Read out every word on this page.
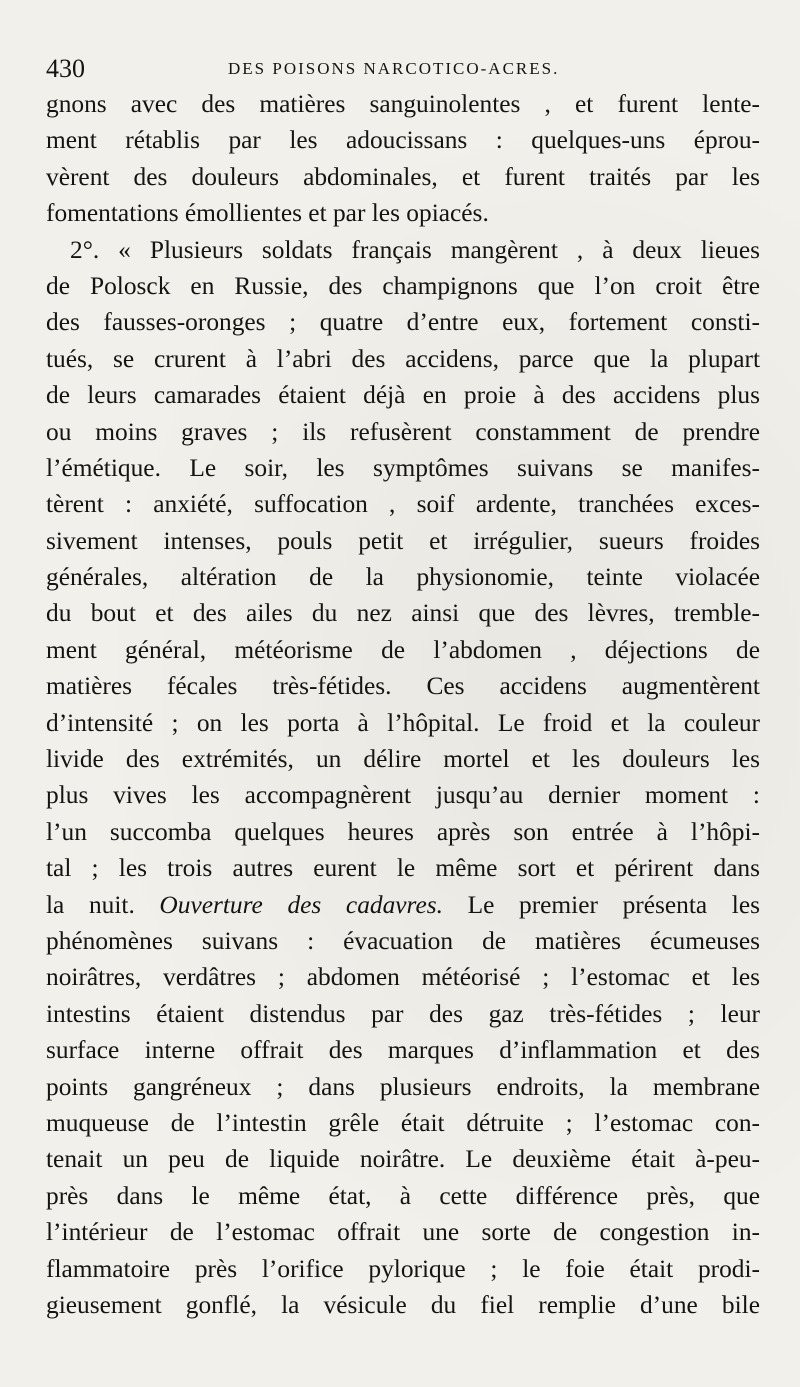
430	DES POISONS NARCOTICO-ACRES.
gnons avec des matières sanguinolentes , et furent lente-
ment rétablis par les adoucissans : quelques-uns éprou-
vèrent des douleurs abdominales, et furent traités par les
fomentations émollientes et par les opiacés.
2°. « Plusieurs soldats français mangèrent , à deux lieues
de Polosck en Russie, des champignons que l’on croit être
des fausses-oronges ; quatre d’entre eux, fortement consti-
tués, se crurent à l’abri des accidens, parce que la plupart
de leurs camarades étaient déjà en proie à des accidens plus
ou moins graves ; ils refusèrent constamment de prendre
l’émétique. Le soir, les symptômes suivans se manifes-
tèrent : anxiété, suffocation , soif ardente, tranchées exces-
sivement intenses, pouls petit et irrégulier, sueurs froides
générales, altération de la physionomie, teinte violacée
du bout et des ailes du nez ainsi que des lèvres, tremble-
ment général, météorisme de l’abdomen , déjections de
matières fécales très-fétides. Ces accidens augmentèrent
d’intensité ; on les porta à l’hôpital. Le froid et la couleur
livide des extrémités, un délire mortel et les douleurs les
plus vives les accompagnèrent jusqu’au dernier moment :
l’un succomba quelques heures après son entrée à l’hôpi-
tal ; les trois autres eurent le même sort et périrent dans
la nuit. Ouverture des cadavres. Le premier présenta les
phénomènes suivans : évacuation de matières écumeuses
noirâtres, verdâtres ; abdomen météorisé ; l’estomac et les
intestins étaient distendus par des gaz très-fétides ; leur
surface interne offrait des marques d’inflammation et des
points gangréneux ; dans plusieurs endroits, la membrane
muqueuse de l’intestin grêle était détruite ; l’estomac con-
tenait un peu de liquide noirâtre. Le deuxième était à-peu-
près dans le même état, à cette différence près, que
l’intérieur de l’estomac offrait une sorte de congestion in-
flammatoire près l’orifice pylorique ; le foie était prodi-
gieusement gonflé, la vésicule du fiel remplie d’une bile
